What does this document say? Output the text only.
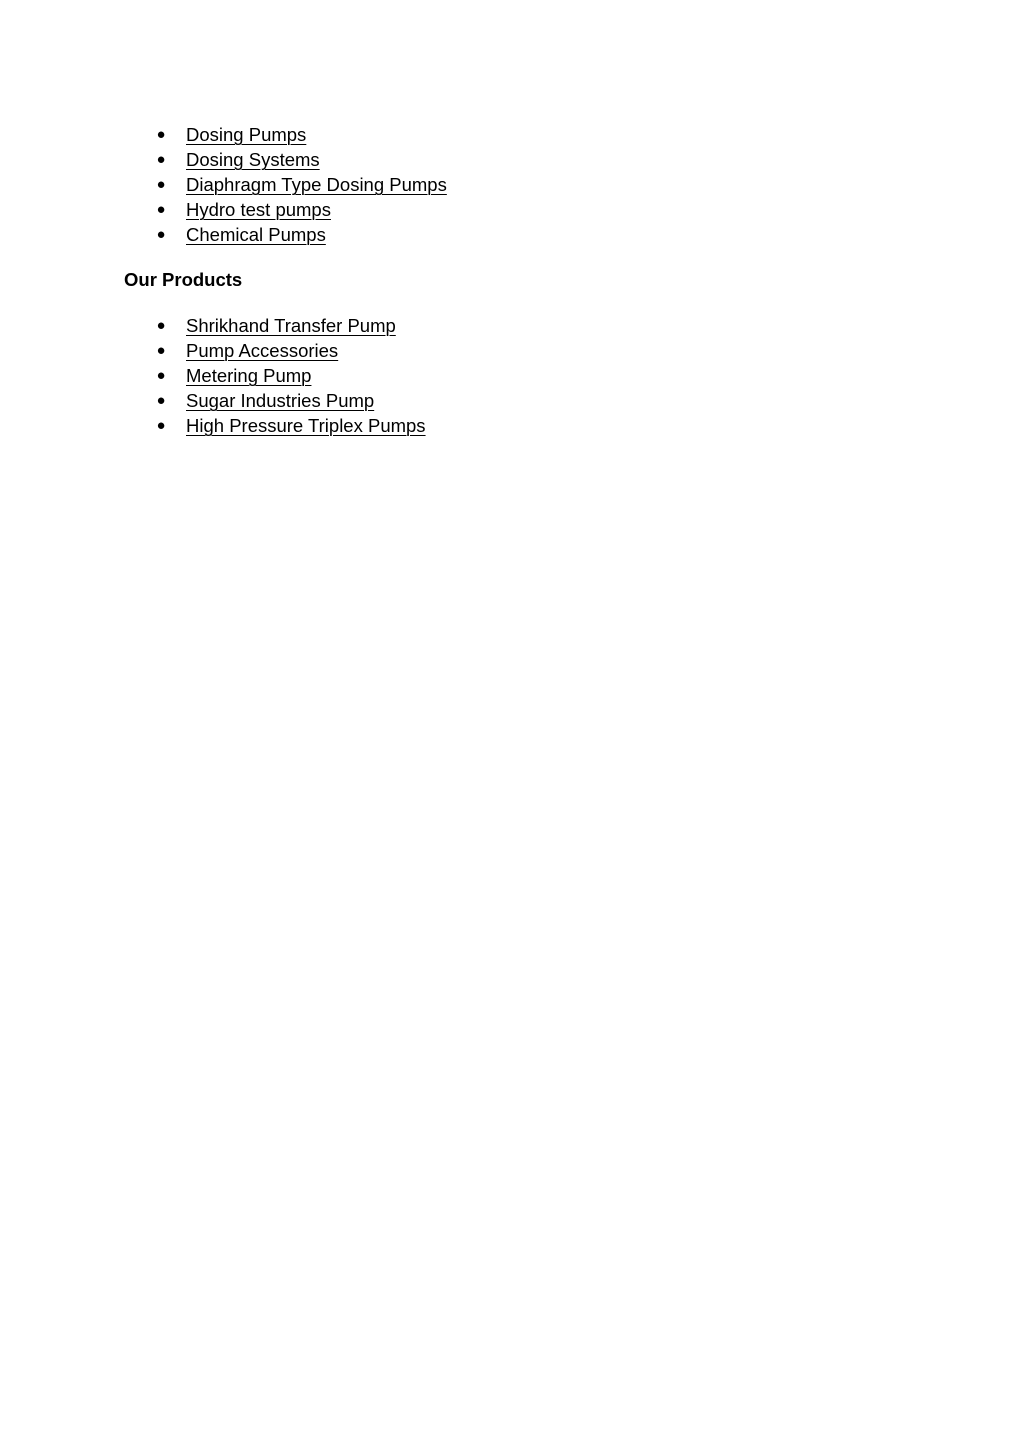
● Dosing Pumps
● Dosing Systems
● Diaphragm Type Dosing Pumps
● Hydro test pumps
● Chemical Pumps
Our Products
● Shrikhand Transfer Pump
● Pump Accessories
● Metering Pump
● Sugar Industries Pump
● High Pressure Triplex Pumps
